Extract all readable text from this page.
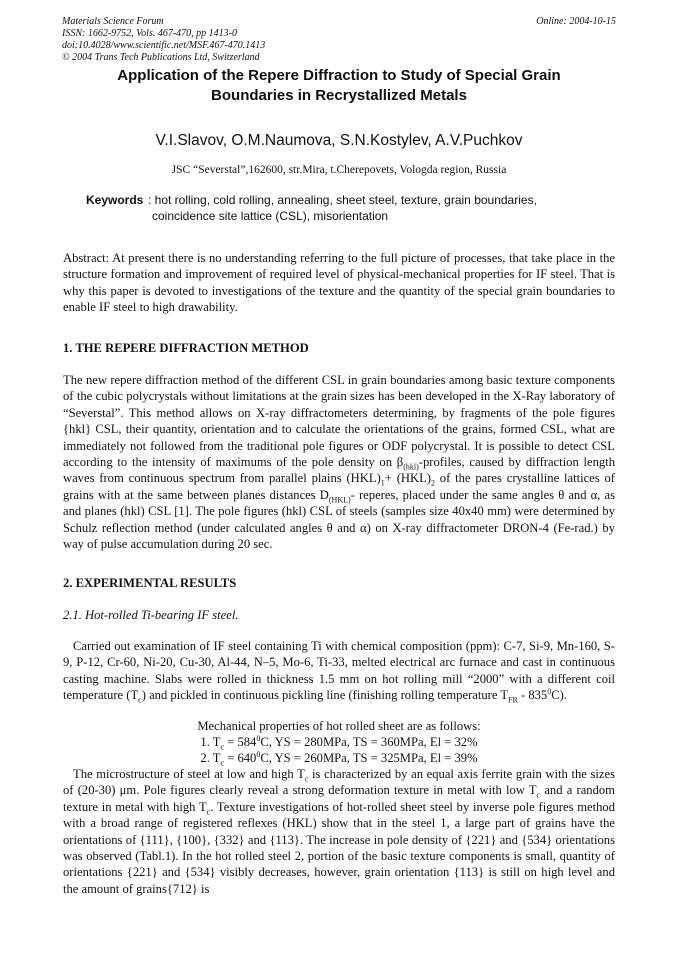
Materials Science Forum
ISSN: 1662-9752, Vols. 467-470, pp 1413-0
doi:10.4028/www.scientific.net/MSF.467-470.1413
© 2004 Trans Tech Publications Ltd, Switzerland
Online: 2004-10-15
Application of the Repere Diffraction to Study of Special Grain
Boundaries in Recrystallized Metals
V.I.Slavov, O.M.Naumova, S.N.Kostylev, A.V.Puchkov
JSC “Severstal”,162600, str.Mira, t.Cherepovets, Vologda region, Russia
Keywords : hot rolling, cold rolling, annealing, sheet steel, texture, grain boundaries,
coincidence site lattice (CSL), misorientation
Abstract: At present there is no understanding referring to the full picture of processes, that take place in the structure formation and improvement of required level of physical-mechanical properties for IF steel. That is why this paper is devoted to investigations of the texture and the quantity of the special grain boundaries to enable IF steel to high drawability.
1. THE REPERE DIFFRACTION METHOD
The new repere diffraction method of the different CSL in grain boundaries among basic texture components of the cubic polycrystals without limitations at the grain sizes has been developed in the X-Ray laboratory of “Severstal”. This method allows on X-ray diffractometers determining, by fragments of the pole figures {hkl} CSL, their quantity, orientation and to calculate the orientations of the grains, formed CSL, what are immediately not followed from the traditional pole figures or ODF polycrystal. It is possible to detect CSL according to the intensity of maximums of the pole density on $\beta_{(hkl)}$-profiles, caused by diffraction length waves from continuous spectrum from parallel plains $(HKL)_1+ (HKL)_2$ of the pares crystalline lattices of grains with at the same between planes distances $D_{(HKL)}-$ reperes, placed under the same angles θ and α, as and planes (hkl) CSL [1]. The pole figures (hkl) CSL of steels (samples size 40x40 mm) were determined by Schulz reflection method (under calculated angles θ and α) on X-ray diffractometer DRON-4 (Fe-rad.) by way of pulse accumulation during 20 sec.
2. EXPERIMENTAL RESULTS
2.1. Hot-rolled Ti-bearing IF steel.
Carried out examination of IF steel containing Ti with chemical composition (ppm): C-7, Si-9, Mn-160, S-9, P-12, Cr-60, Ni-20, Cu-30, Al-44, N–5, Mo-6, Ti-33, melted electrical arc furnace and cast in continuous casting machine. Slabs were rolled in thickness 1.5 mm on hot rolling mill “2000” with a different coil temperature $(T_c)$ and pickled in continuous pickling line (finishing rolling temperature $T_{FR} - 835^0C$).
Mechanical properties of hot rolled sheet are as follows:
1. $T_c = 584^0C$, YS = 280MPa, TS = 360MPa, El = 32%
2. $T_c = 640^0C$, YS = 260MPa, TS = 325MPa, El = 39%
The microstructure of steel at low and high $T_c$ is characterized by an equal axis ferrite grain with the sizes of (20-30) μm. Pole figures clearly reveal a strong deformation texture in metal with low $T_c$ and a random texture in metal with high $T_c$. Texture investigations of hot-rolled sheet steel by inverse pole figures method with a broad range of registered reflexes (HKL) show that in the steel 1, a large part of grains have the orientations of {111}, {100}, {332} and {113}. The increase in pole density of {221} and {534} orientations was observed (Tabl.1). In the hot rolled steel 2, portion of the basic texture components is small, quantity of orientations {221} and {534} visibly decreases, however, grain orientation {113} is still on high level and the amount of grains{712} is
